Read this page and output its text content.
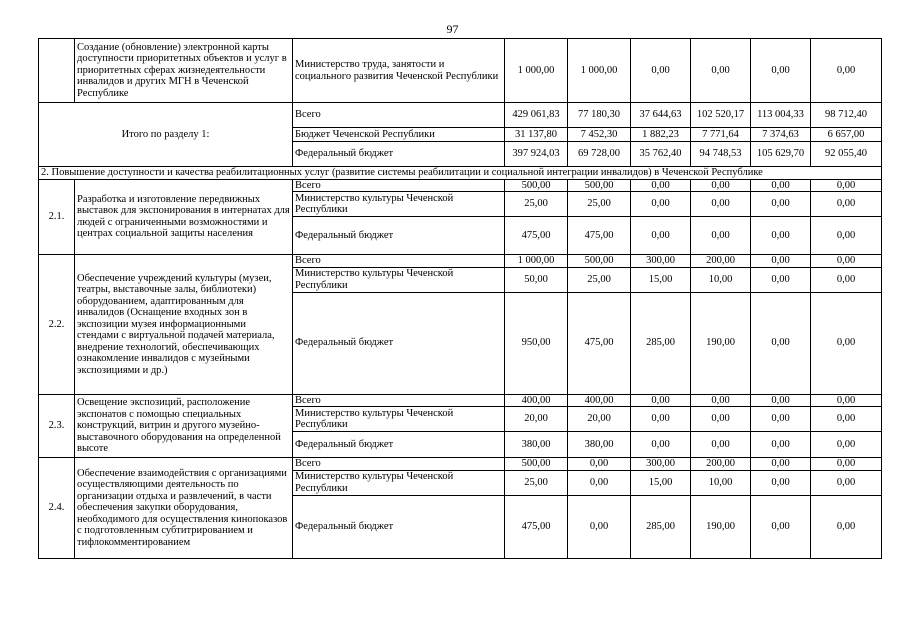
97
	Создание (обновление) электронной карты доступности приоритетных объектов и услуг в приоритетных сферах жизнедеятельности инвалидов и других МГН в Чеченской Республике	Министерство труда, занятости и социального развития Чеченской Республики	1 000,00	1 000,00	0,00	0,00	0,00	0,00
Итого по разделу 1:		Всего	429 061,83	77 180,30	37 644,63	102 520,17	113 004,33	98 712,40
		Бюджет Чеченской Республики	31 137,80	7 452,30	1 882,23	7 771,64	7 374,63	6 657,00
		Федеральный бюджет	397 924,03	69 728,00	35 762,40	94 748,53	105 629,70	92 055,40
2. Повышение доступности и качества реабилитационных услуг (развитие системы реабилитации и социальной интеграции инвалидов) в Чеченской Республике								
2.1.	Разработка и изготовление передвижных выставок для экспонирования в интернатах для людей с ограниченными возможностями и центрах социальной защиты населения	Всего	500,00	500,00	0,00	0,00	0,00	0,00
		Министерство культуры Чеченской Республики	25,00	25,00	0,00	0,00	0,00	0,00
		Федеральный бюджет	475,00	475,00	0,00	0,00	0,00	0,00
2.2.	Обеспечение учреждений культуры (музеи, театры, выставочные залы, библиотеки) оборудованием, адаптированным для инвалидов (Оснащение входных зон в экспозиции музея информационными стендами с виртуальной подачей материала, внедрение технологий, обеспечивающих ознакомление инвалидов с музейными экспозициями и др.)	Всего	1 000,00	500,00	300,00	200,00	0,00	0,00
		Министерство культуры Чеченской Республики	50,00	25,00	15,00	10,00	0,00	0,00
		Федеральный бюджет	950,00	475,00	285,00	190,00	0,00	0,00
2.3.	Освещение экспозиций, расположение экспонатов с помощью специальных конструкций, витрин и другого музейно-выставочного оборудования на определенной высоте	Всего	400,00	400,00	0,00	0,00	0,00	0,00
		Министерство культуры Чеченской Республики	20,00	20,00	0,00	0,00	0,00	0,00
		Федеральный бюджет	380,00	380,00	0,00	0,00	0,00	0,00
2.4.	Обеспечение взаимодействия с организациями осуществляющими деятельность по организации отдыха и развлечений, в части обеспечения закупки оборудования, необходимого для осуществления кинопоказов с подготовленным субтитрированием и тифлокомментированием	Всего	500,00	0,00	300,00	200,00	0,00	0,00
		Министерство культуры Чеченской Республики	25,00	0,00	15,00	10,00	0,00	0,00
		Федеральный бюджет	475,00	0,00	285,00	190,00	0,00	0,00
